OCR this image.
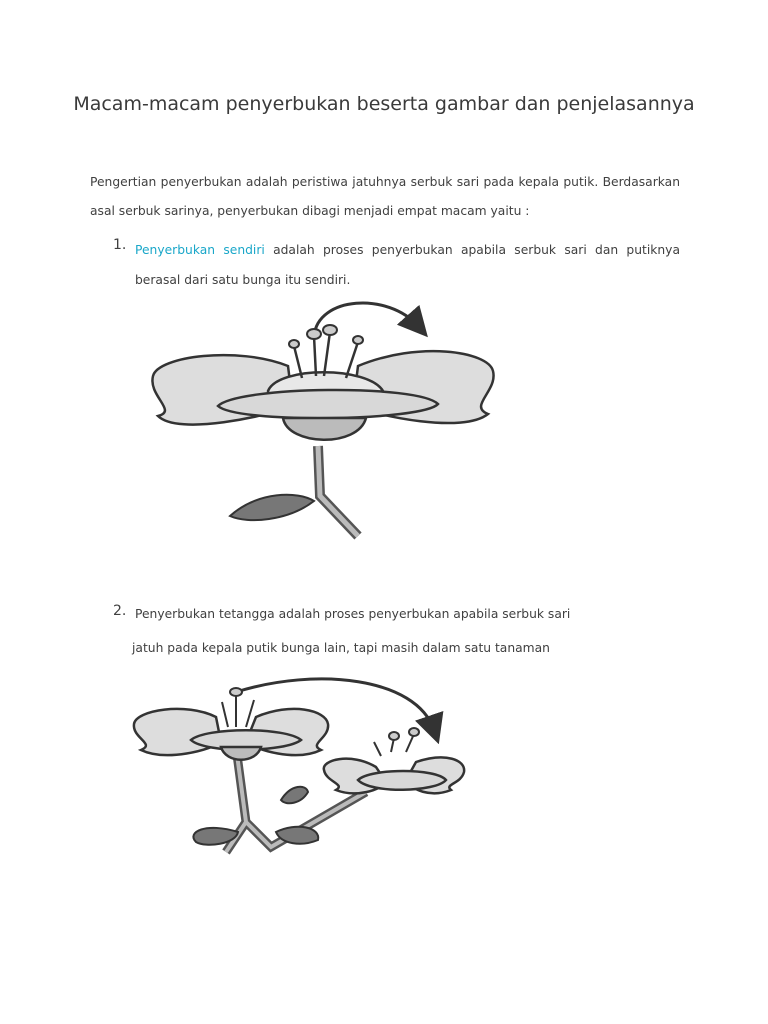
Macam-macam penyerbukan beserta gambar dan penjelasannya

Pengertian penyerbukan adalah peristiwa jatuhnya serbuk sari pada kepala putik. Berdasarkan asal serbuk sarinya, penyerbukan dibagi menjadi empat macam yaitu :

1. Penyerbukan sendiri adalah proses penyerbukan apabila serbuk sari dan putiknya berasal dari satu bunga itu sendiri.
2. Penyerbukan tetangga adalah proses penyerbukan apabila serbuk sari
jatuh pada kepala putik bunga lain, tapi masih dalam satu tanaman
